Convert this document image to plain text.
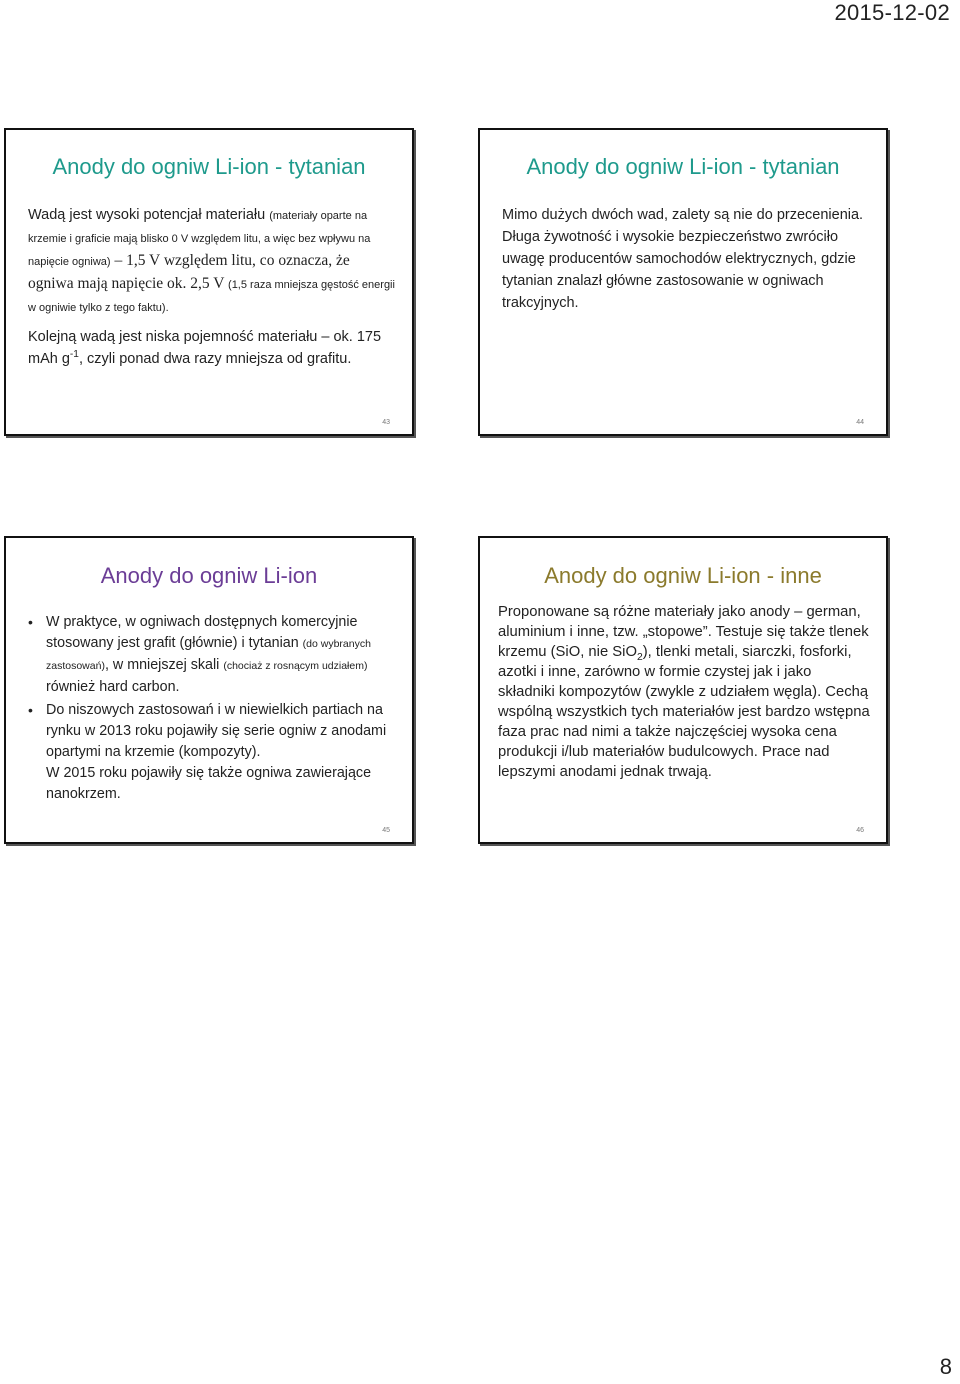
2015-12-02
Anody do ogniw Li-ion - tytanian
Wadą jest wysoki potencjał materiału (materiały oparte na krzemie i graficie mają blisko 0 V względem litu, a więc bez wpływu na napięcie ogniwa) – 1,5 V względem litu, co oznacza, że ogniwa mają napięcie ok. 2,5 V (1,5 raza mniejsza gęstość energii w ogniwie tylko z tego faktu).
Kolejną wadą jest niska pojemność materiału – ok. 175 mAh $g^{-1}$, czyli ponad dwa razy mniejsza od grafitu.
43
Anody do ogniw Li-ion - tytanian
Mimo dużych dwóch wad, zalety są nie do przecenienia. Długa żywotność i wysokie bezpieczeństwo zwróciło uwagę producentów samochodów elektrycznych, gdzie tytanian znalazł główne zastosowanie w ogniwach trakcyjnych.
44
Anody do ogniw Li-ion
• W praktyce, w ogniwach dostępnych komercyjnie stosowany jest grafit (głównie) i tytanian (do wybranych zastosowań), w mniejszej skali (chociaż z rosnącym udziałem) również hard carbon.
• Do niszowych zastosowań i w niewielkich partiach na rynku w 2013 roku pojawiły się serie ogniw z anodami opartymi na krzemie (kompozyty).
W 2015 roku pojawiły się także ogniwa zawierające nanokrzem.
45
Anody do ogniw Li-ion - inne
Proponowane są różne materiały jako anody – german, aluminium i inne, tzw. „stopowe”. Testuje się także tlenek krzemu (SiO, nie SiO$_2$), tlenki metali, siarczki, fosforki, azotki i inne, zarówno w formie czystej jak i jako składniki kompozytów (zwykle z udziałem węgla). Cechą wspólną wszystkich tych materiałów jest bardzo wstępna faza prac nad nimi a także najczęściej wysoka cena produkcji i/lub materiałów budulcowych. Prace nad lepszymi anodami jednak trwają.
46
8
